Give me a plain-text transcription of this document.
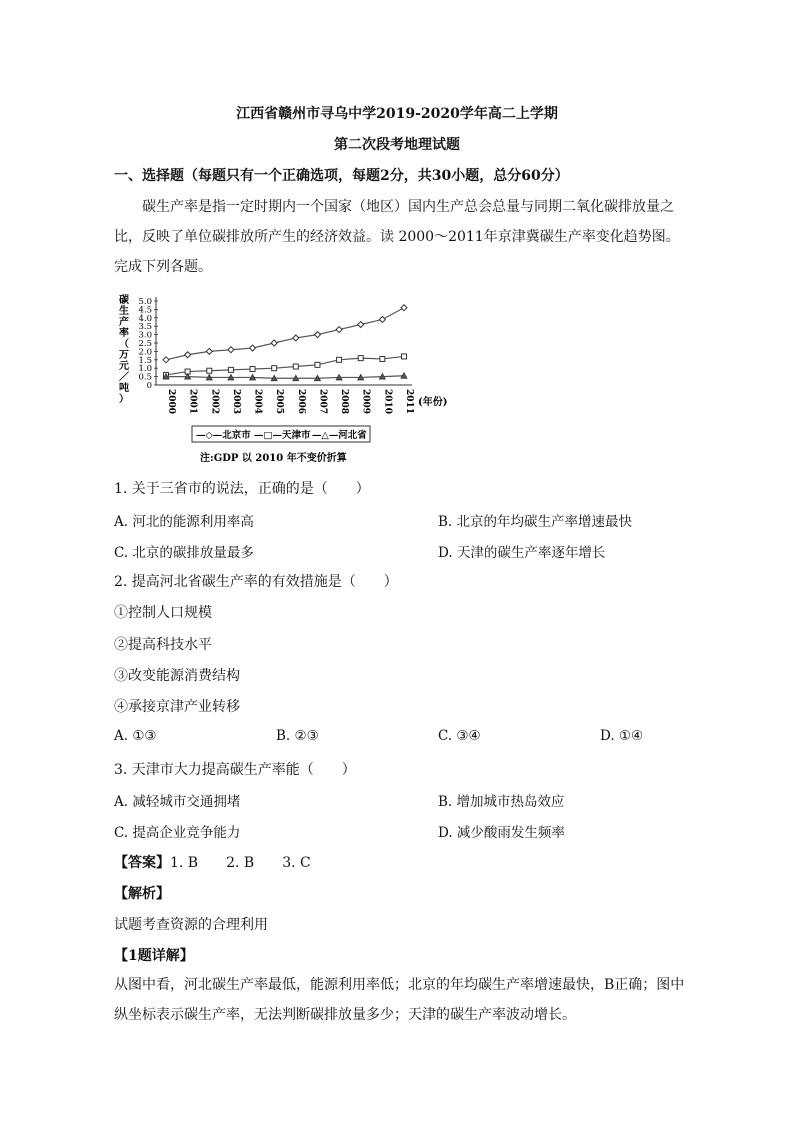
江西省赣州市寻乌中学2019-2020学年高二上学期
第二次段考地理试题
一、选择题（每题只有一个正确选项，每题2分，共30小题，总分60分）
碳生产率是指一定时期内一个国家（地区）国内生产总会总量与同期二氧化碳排放量之比，反映了单位碳排放所产生的经济效益。读 2000～2011年京津冀碳生产率变化趋势图。完成下列各题。
碳
生
产
率
（
万
元
／
吨
）
0
0.5
1.0
1.5
2.0
2.5
3.0
3.5
4.0
4.5
5.0
2000 2001 2002 2003 2004 2005 2006 2007 2008 2009 2010 2011 (年份)
—◇—北京市 —□—天津市 —△—河北省
注:GDP 以 2010 年不变价折算
1. 关于三省市的说法，正确的是（　　）
A. 河北的能源利用率高	B. 北京的年均碳生产率增速最快
C. 北京的碳排放量最多	D. 天津的碳生产率逐年增长
2. 提高河北省碳生产率的有效措施是（　　）
①控制人口规模
②提高科技水平
③改变能源消费结构
④承接京津产业转移
A. ①③	B. ②③	C. ③④	D. ①④
3. 天津市大力提高碳生产率能（　　）
A. 减轻城市交通拥堵	B. 增加城市热岛效应
C. 提高企业竞争能力	D. 减少酸雨发生频率
【答案】1. B　　2. B　　3. C
【解析】
试题考查资源的合理利用
【1题详解】
从图中看，河北碳生产率最低，能源利用率低；北京的年均碳生产率增速最快，B正确；图中纵坐标表示碳生产率，无法判断碳排放量多少；天津的碳生产率波动增长。
